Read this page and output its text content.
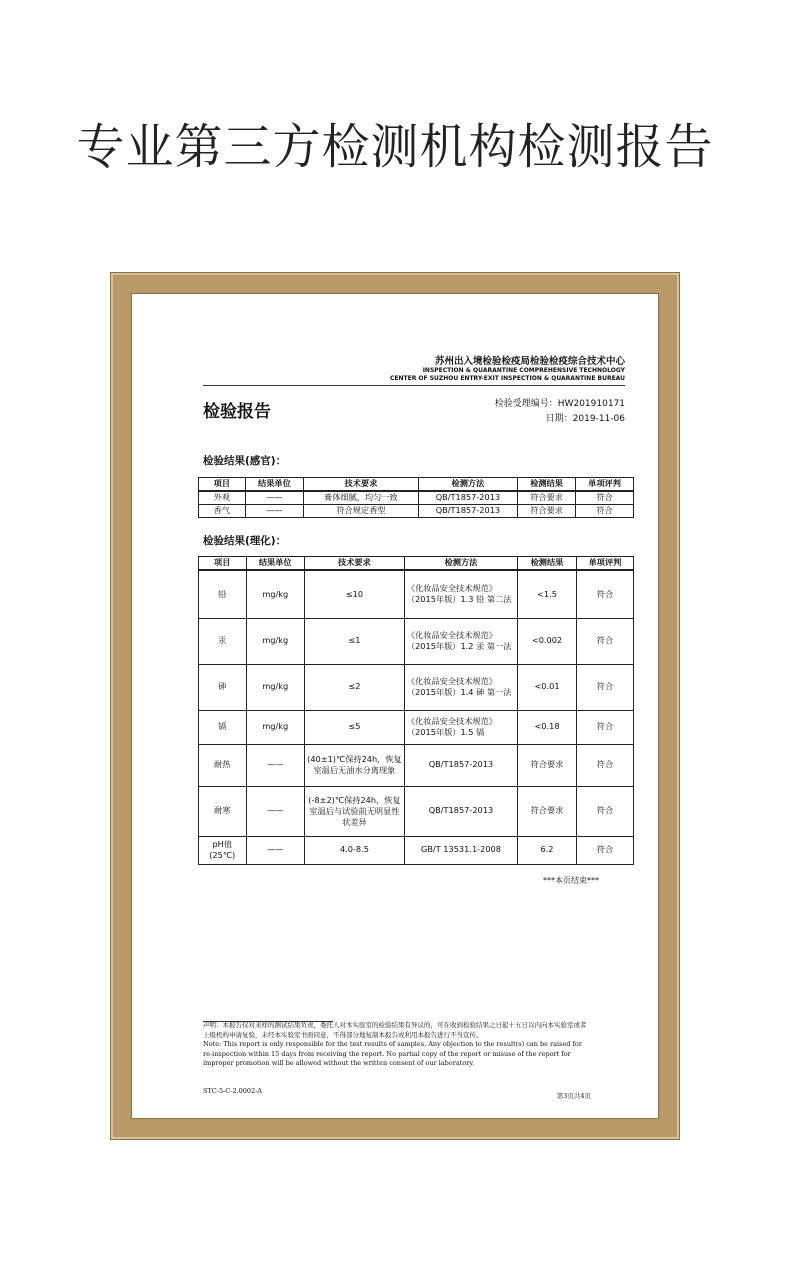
专业第三方检测机构检测报告
苏州出入境检验检疫局检验检疫综合技术中心
INSPECTION & QUARANTINE COMPREHENSIVE TECHNOLOGY
CENTER OF SUZHOU ENTRY-EXIT INSPECTION & QUARANTINE BUREAU
检验报告	检验受理编号：HW201910171
日期：2019-11-06
检验结果(感官)：
项目	结果单位	技术要求	检测方法	检测结果	单项评判
外观	——	膏体细腻，均匀一致	QB/T1857-2013	符合要求	符合
香气	——	符合规定香型	QB/T1857-2013	符合要求	符合
检验结果(理化)：
项目	结果单位	技术要求	检测方法	检测结果	单项评判
铅	mg/kg	≤10	《化妆品安全技术规范》（2015年版）1.3 铅 第二法	<1.5	符合
汞	mg/kg	≤1	《化妆品安全技术规范》（2015年版）1.2 汞 第一法	<0.002	符合
砷	mg/kg	≤2	《化妆品安全技术规范》（2015年版）1.4 砷 第一法	<0.01	符合
镉	mg/kg	≤5	《化妆品安全技术规范》（2015年版）1.5 镉	<0.18	符合
耐热	——	(40±1)℃保持24h，恢复室温后无油水分离现象	QB/T1857-2013	符合要求	符合
耐寒	——	(-8±2)℃保持24h，恢复室温后与试验前无明显性状差异	QB/T1857-2013	符合要求	符合
pH值(25℃)	——	4.0-8.5	GB/T 13531.1-2008	6.2	符合
***本页结束***
声明：本报告仅对来样的测试结果负责，委托人对本实验室的检验结果有异议的，可在收到检验结果之日起十五日以内向本实验室或者上级机构申请复验，未经本实验室书面同意，不得部分地复制本报告或利用本报告进行不当宣传。
Note: This report is only responsible for the test results of samples. Any objection to the result(s) can be raised for re-inspection within 15 days from receiving the report. No partial copy of the report or misuse of the report for improper promotion will be allowed without the written consent of our laboratory.
STC-5-C-2.0002-A
第3页共4页
